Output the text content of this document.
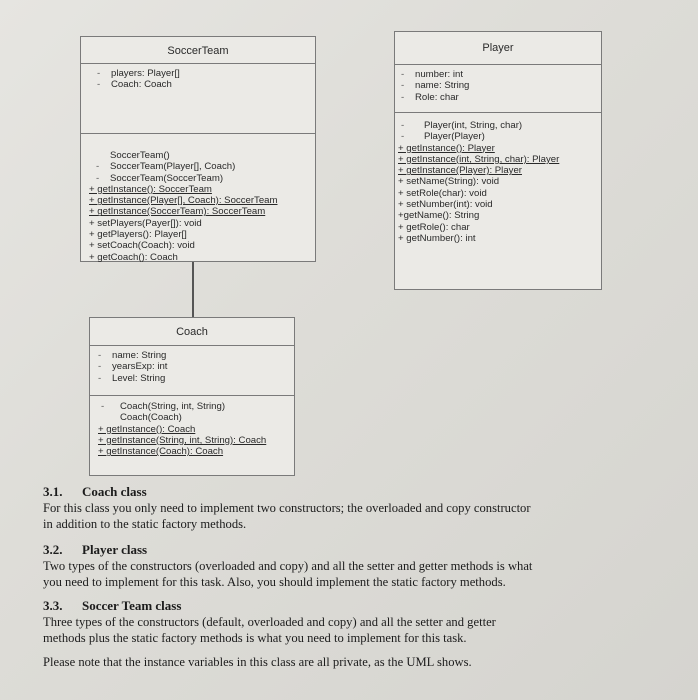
SoccerTeam
- players: Player[]
- Coach: Coach
SoccerTeam()
- SoccerTeam(Player[], Coach)
- SoccerTeam(SoccerTeam)
+ getInstance(): SoccerTeam
+ getInstance(Player[], Coach): SoccerTeam
+ getInstance(SoccerTeam): SoccerTeam
+ setPlayers(Payer[]): void
+ getPlayers(): Player[]
+ setCoach(Coach): void
+ getCoach(): Coach
Player
- number: int
- name: String
- Role: char
- Player(int, String, char)
- Player(Player)
+ getInstance(): Player
+ getInstance(int, String, char): Player
+ getInstance(Player): Player
+ setName(String): void
+ setRole(char): void
+ setNumber(int): void
+getName(): String
+ getRole(): char
+ getNumber(): int
Coach
- name: String
- yearsExp: int
- Level: String
- Coach(String, int, String)
Coach(Coach)
+ getInstance(): Coach
+ getInstance(String, int, String): Coach
+ getInstance(Coach): Coach
3.1. Coach class
For this class you only need to implement two constructors; the overloaded and copy constructor
in addition to the static factory methods.
3.2. Player class
Two types of the constructors (overloaded and copy) and all the setter and getter methods is what
you need to implement for this task. Also, you should implement the static factory methods.
3.3. Soccer Team class
Three types of the constructors (default, overloaded and copy) and all the setter and getter
methods plus the static factory methods is what you need to implement for this task.
Please note that the instance variables in this class are all private, as the UML shows.
